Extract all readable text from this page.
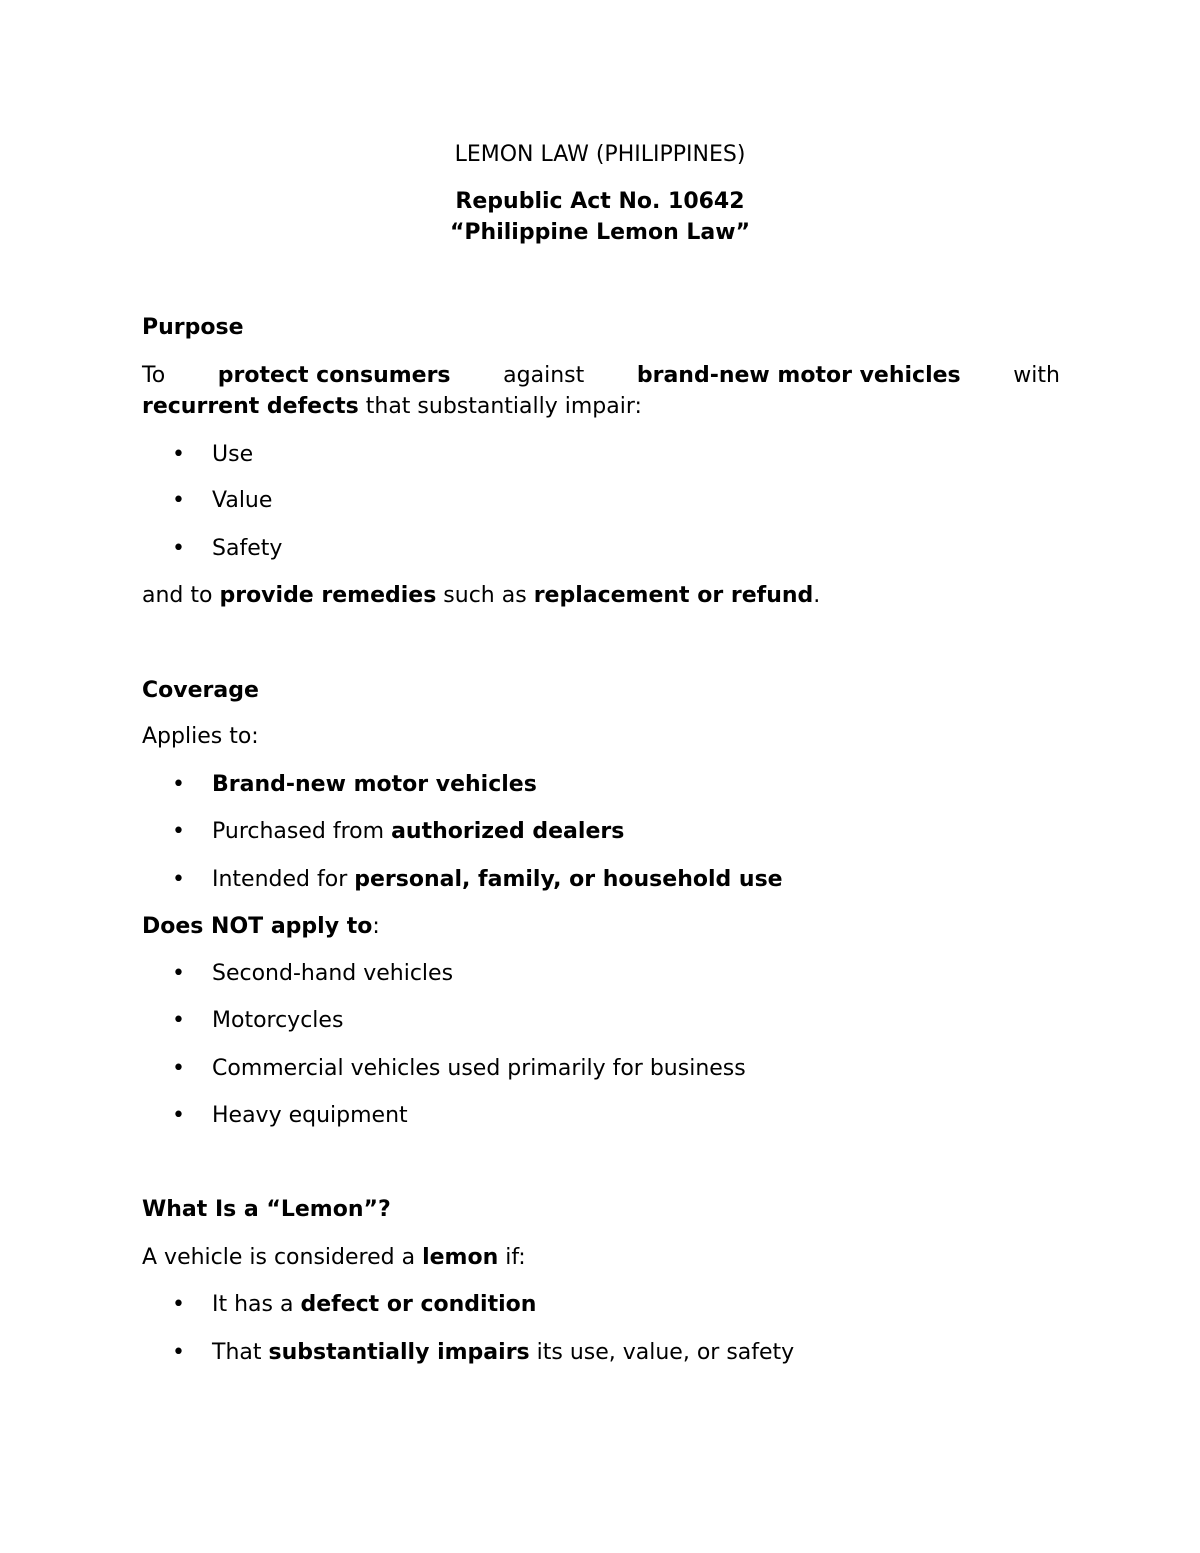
LEMON LAW (PHILIPPINES)
Republic Act No. 10642
“Philippine Lemon Law”
Purpose
To protect consumers against brand-new motor vehicles with
recurrent defects that substantially impair:
• Use
• Value
• Safety
and to provide remedies such as replacement or refund.
Coverage
Applies to:
• Brand-new motor vehicles
• Purchased from authorized dealers
• Intended for personal, family, or household use
Does NOT apply to:
• Second-hand vehicles
• Motorcycles
• Commercial vehicles used primarily for business
• Heavy equipment
What Is a “Lemon”?
A vehicle is considered a lemon if:
• It has a defect or condition
• That substantially impairs its use, value, or safety
